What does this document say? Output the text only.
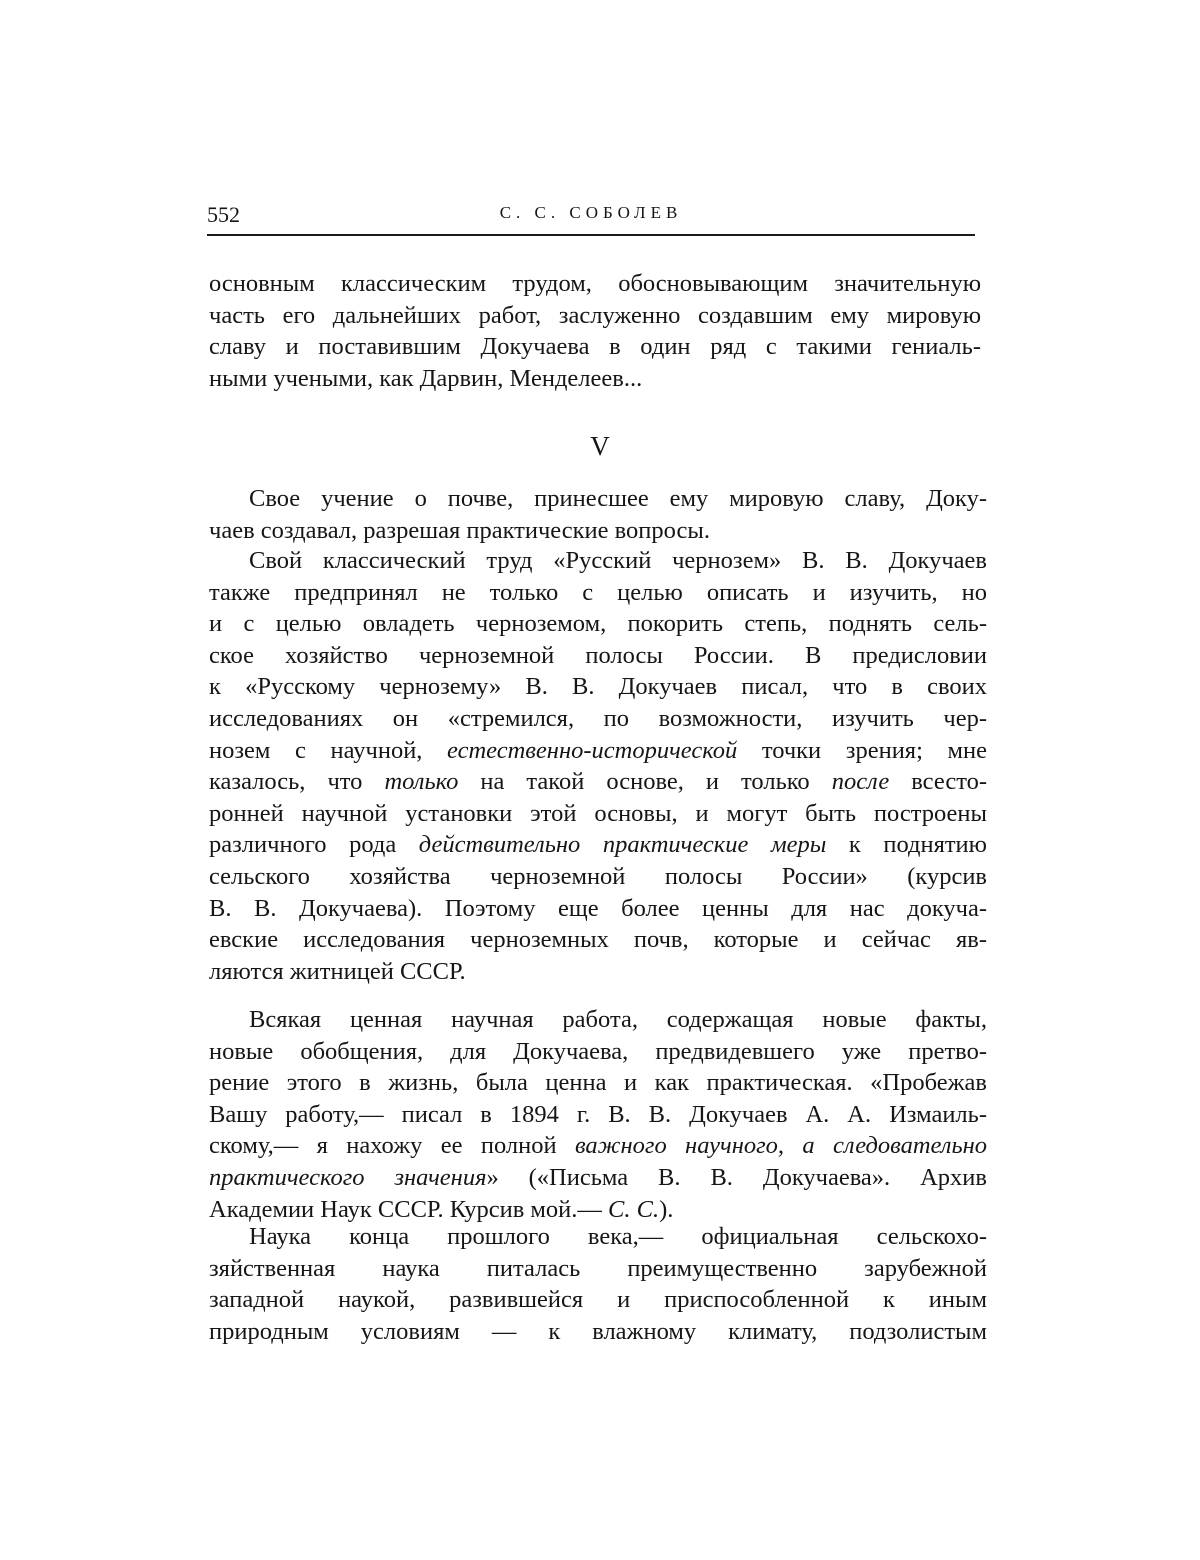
552	С. С. СОБОЛЕВ

основным классическим трудом, обосновывающим значительную
часть его дальнейших работ, заслуженно создавшим ему мировую
славу и поставившим Докучаева в один ряд с такими гениаль-
ными учеными, как Дарвин, Менделеев...

V

Свое учение о почве, принесшее ему мировую славу, Доку-
чаев создавал, разрешая практические вопросы.

Свой классический труд «Русский чернозем» В. В. Докучаев
также предпринял не только с целью описать и изучить, но
и с целью овладеть черноземом, покорить степь, поднять сель-
ское хозяйство черноземной полосы России. В предисловии
к «Русскому чернозему» В. В. Докучаев писал, что в своих
исследованиях он «стремился, по возможности, изучить чер-
нозем с научной, естественно-исторической точки зрения; мне
казалось, что только на такой основе, и только после всесто-
ронней научной установки этой основы, и могут быть построены
различного рода действительно практические меры к поднятию
сельского хозяйства черноземной полосы России» (курсив
В. В. Докучаева). Поэтому еще более ценны для нас докуча-
евские исследования черноземных почв, которые и сейчас яв-
ляются житницей СССР.

Всякая ценная научная работа, содержащая новые факты,
новые обобщения, для Докучаева, предвидевшего уже претво-
рение этого в жизнь, была ценна и как практическая. «Пробежав
Вашу работу,— писал в 1894 г. В. В. Докучаев А. А. Измаиль-
скому,— я нахожу ее полной важного научного, а следовательно
практического значения» («Письма В. В. Докучаева». Архив
Академии Наук СССР. Курсив мой.— С. С.).

Наука конца прошлого века,— официальная сельскохо-
зяйственная наука питалась преимущественно зарубежной
западной наукой, развившейся и приспособленной к иным
природным условиям — к влажному климату, подзолистым
